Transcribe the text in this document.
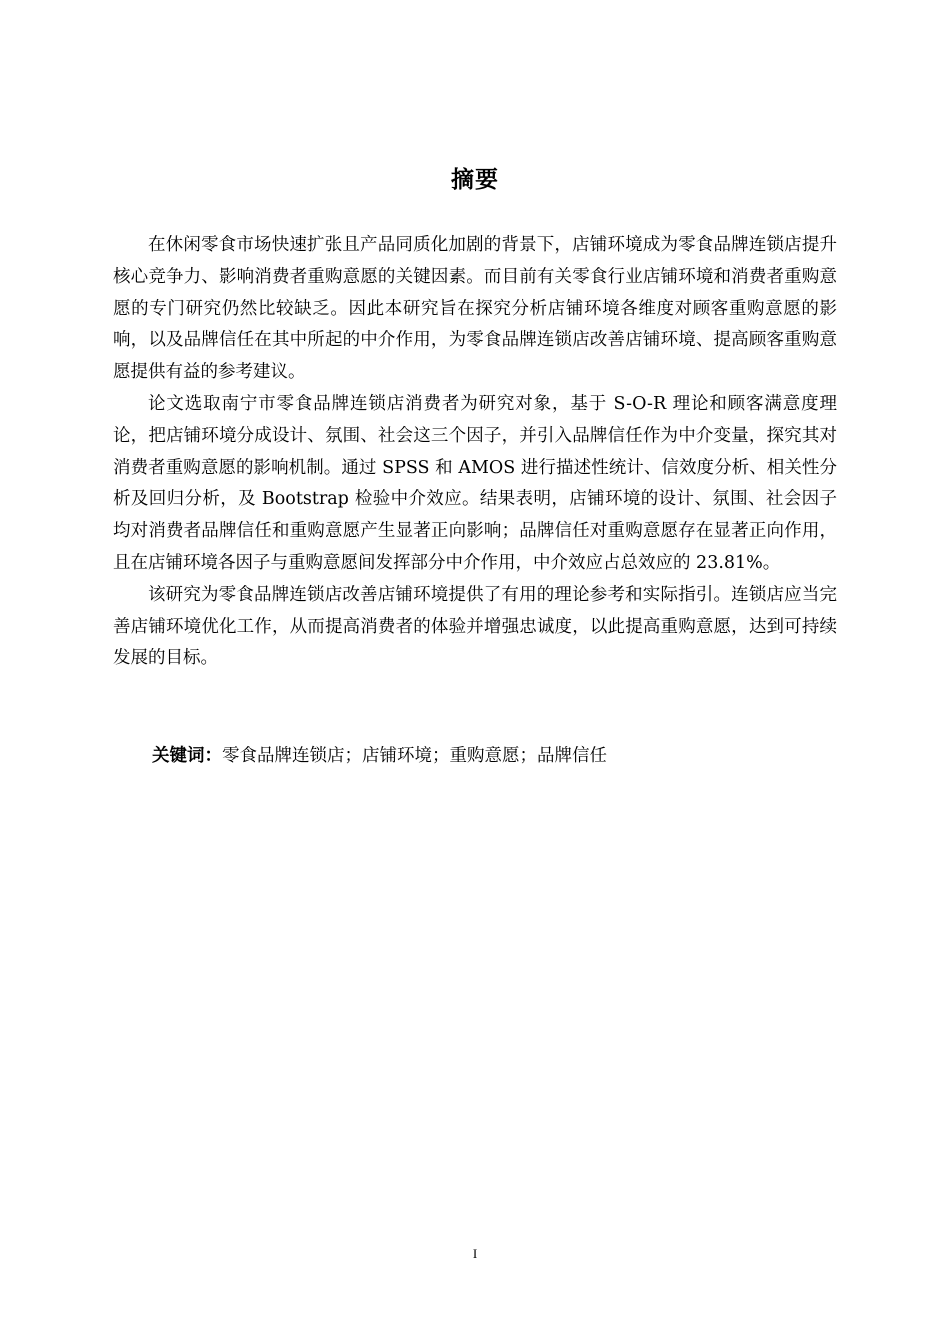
摘要

在休闲零食市场快速扩张且产品同质化加剧的背景下，店铺环境成为零食品牌连锁店提升核心竞争力、影响消费者重购意愿的关键因素。而目前有关零食行业店铺环境和消费者重购意愿的专门研究仍然比较缺乏。因此本研究旨在探究分析店铺环境各维度对顾客重购意愿的影响，以及品牌信任在其中所起的中介作用，为零食品牌连锁店改善店铺环境、提高顾客重购意愿提供有益的参考建议。

论文选取南宁市零食品牌连锁店消费者为研究对象，基于 S-O-R 理论和顾客满意度理论，把店铺环境分成设计、氛围、社会这三个因子，并引入品牌信任作为中介变量，探究其对消费者重购意愿的影响机制。通过 SPSS 和 AMOS 进行描述性统计、信效度分析、相关性分析及回归分析，及 Bootstrap 检验中介效应。结果表明，店铺环境的设计、氛围、社会因子均对消费者品牌信任和重购意愿产生显著正向影响；品牌信任对重购意愿存在显著正向作用，且在店铺环境各因子与重购意愿间发挥部分中介作用，中介效应占总效应的 23.81%。

该研究为零食品牌连锁店改善店铺环境提供了有用的理论参考和实际指引。连锁店应当完善店铺环境优化工作，从而提高消费者的体验并增强忠诚度，以此提高重购意愿，达到可持续发展的目标。

关键词：零食品牌连锁店；店铺环境；重购意愿；品牌信任
I
